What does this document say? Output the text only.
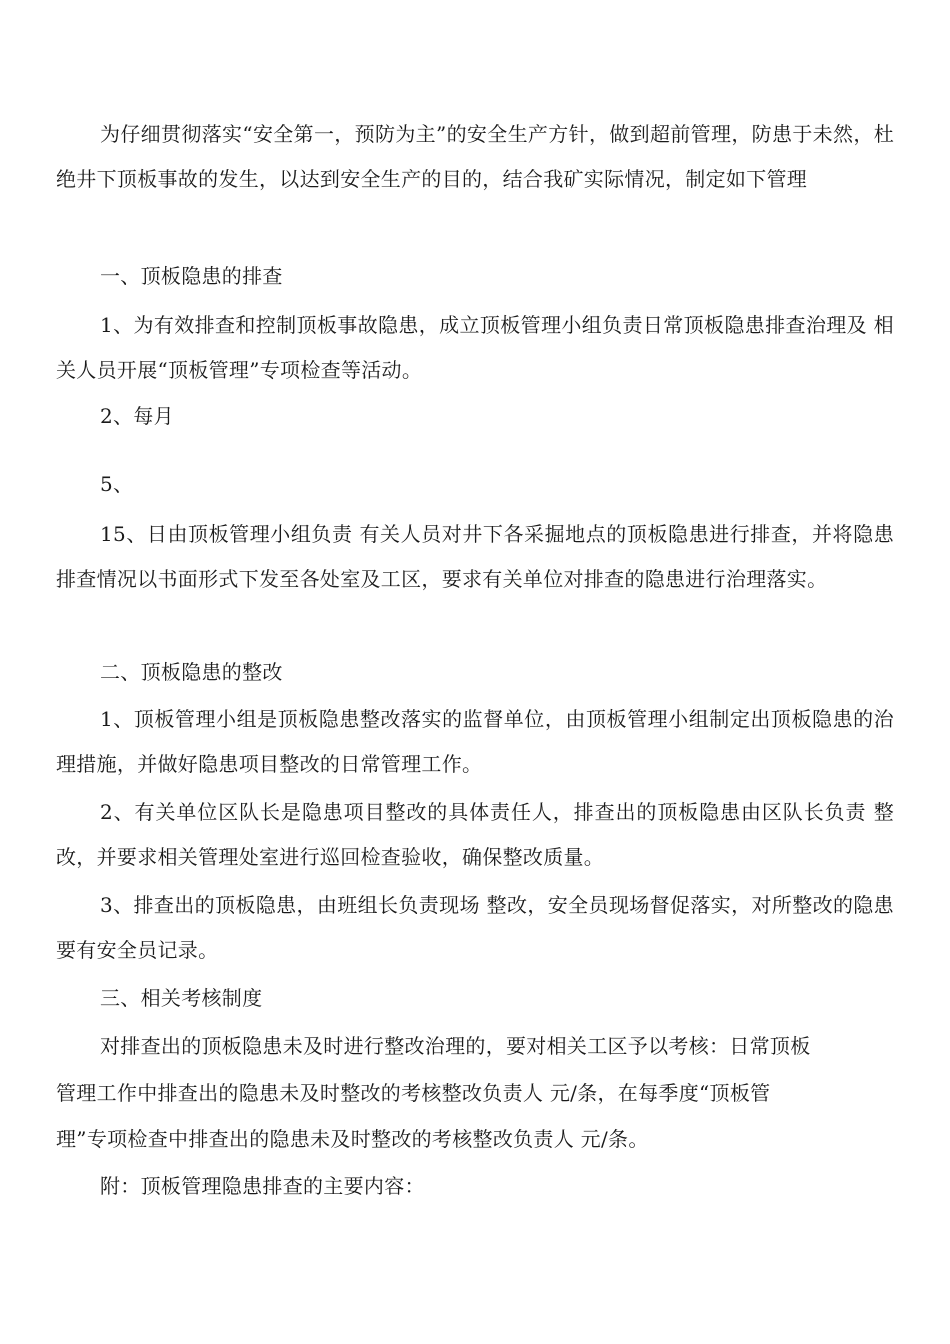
为仔细贯彻落实“安全第一，预防为主”的安全生产方针，做到超前管理，防患于未然，杜绝井下顶板事故的发生，以达到安全生产的目的，结合我矿实际情况，制定如下管理

一、顶板隐患的排查

1、为有效排查和控制顶板事故隐患，成立顶板管理小组负责日常顶板隐患排查治理及 相关人员开展“顶板管理”专项检查等活动。

2、每月

5、

15、日由顶板管理小组负责 有关人员对井下各采掘地点的顶板隐患进行排查，并将隐患排查情况以书面形式下发至各处室及工区，要求有关单位对排查的隐患进行治理落实。

二、顶板隐患的整改

1、顶板管理小组是顶板隐患整改落实的监督单位，由顶板管理小组制定出顶板隐患的治理措施，并做好隐患项目整改的日常管理工作。

2、有关单位区队长是隐患项目整改的具体责任人，排查出的顶板隐患由区队长负责 整改，并要求相关管理处室进行巡回检查验收，确保整改质量。

3、排查出的顶板隐患，由班组长负责现场 整改，安全员现场督促落实，对所整改的隐患要有安全员记录。

三、相关考核制度

对排查出的顶板隐患未及时进行整改治理的，要对相关工区予以考核：日常顶板

管理工作中排查出的隐患未及时整改的考核整改负责人 元/条，在每季度“顶板管

理”专项检查中排查出的隐患未及时整改的考核整改负责人 元/条。

附：顶板管理隐患排查的主要内容：
